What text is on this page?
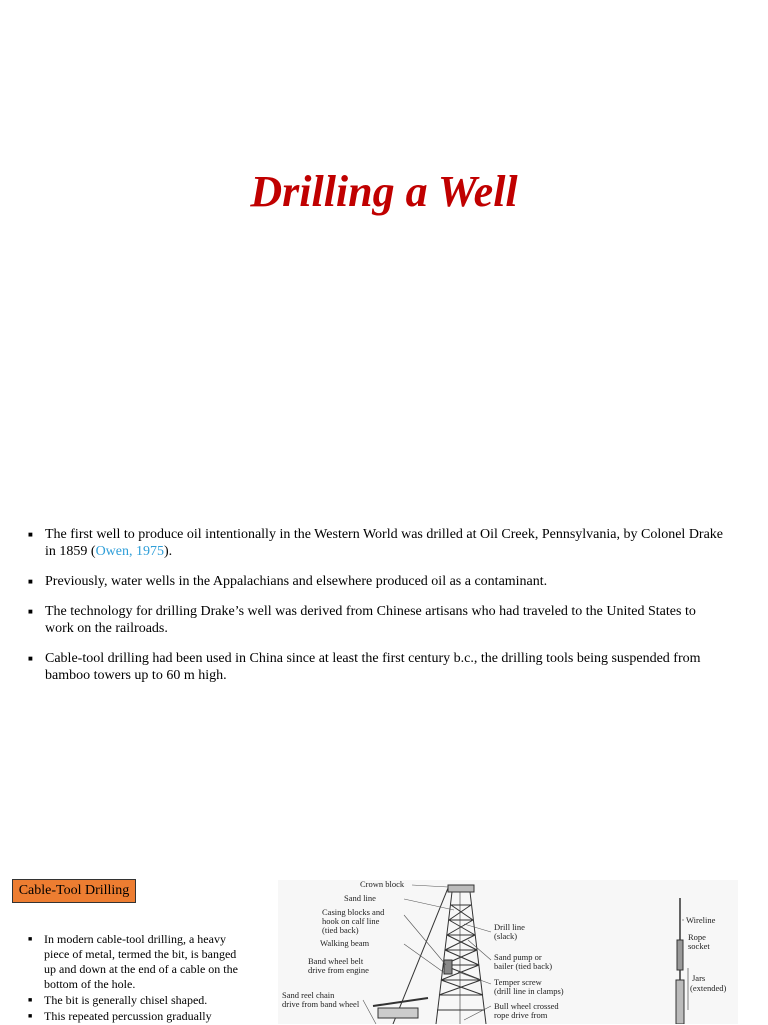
Drilling a Well
■ The first well to produce oil intentionally in the Western World was drilled at Oil Creek, Pennsylvania, by Colonel Drake in 1859 (Owen, 1975).
■ Previously, water wells in the Appalachians and elsewhere produced oil as a contaminant.
■ The technology for drilling Drake’s well was derived from Chinese artisans who had traveled to the United States to work on the railroads.
■ Cable-tool drilling had been used in China since at least the first century b.c., the drilling tools being suspended from bamboo towers up to 60 m high.
Cable-Tool Drilling
■ In modern cable-tool drilling, a heavy piece of metal, termed the bit, is banged up and down at the end of a cable on the bottom of the hole.
■ The bit is generally chisel shaped.
■ This repeated percussion gradually
Crown block
Sand line
Casing blocks and
hook on calf line
(tied back)
Walking beam
Band wheel belt
drive from engine
Sand reel chain
drive from band wheel
Drill line
(slack)
Sand pump or
bailer (tied back)
Temper screw
(drill line in clamps)
Bull wheel crossed
rope drive from
Wireline
Rope
socket
Jars
(extended)
